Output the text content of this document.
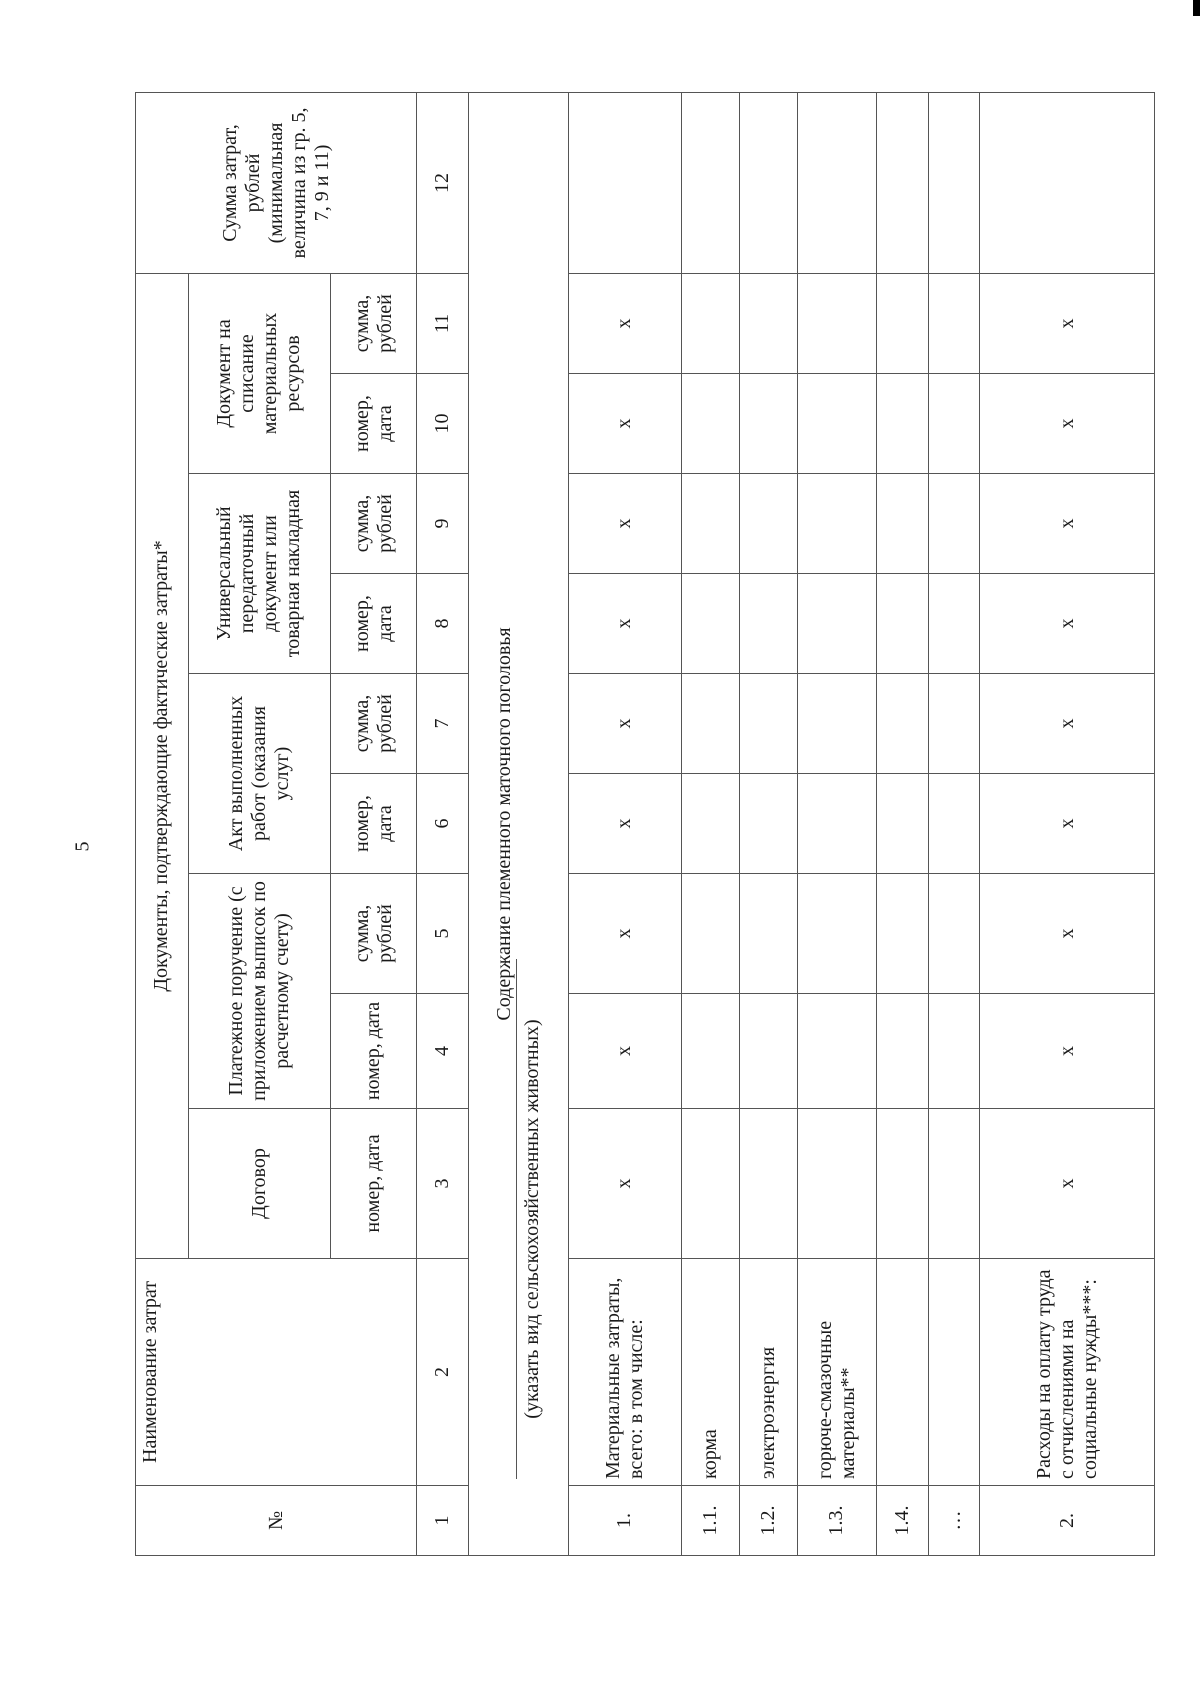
5
№	Наименование затрат	Документы, подтверждающие фактические затраты*									Сумма затрат, рублей (минимальная величина из гр. 5, 7, 9 и 11)
		Договор	Платежное поручение (с приложением выписок по расчетному счету)		Акт выполненных работ (оказания услуг)		Универсальный передаточный документ или товарная накладная		Документ на списание материальных ресурсов		
		номер, дата	номер, дата	сумма, рублей	номер, дата	сумма, рублей	номер, дата	сумма, рублей	номер, дата	сумма, рублей	
1	2	3	4	5	6	7	8	9	10	11	12

Содержание племенного маточного поголовья
(указать вид сельскохозяйственных животных)											

1.	Материальные затраты, всего: в том числе:	x	x	x	x	x	x	x	x	x	
1.1.	корма										
1.2.	электроэнергия										
1.3.	горюче-смазочные материалы**										
1.4.											
…											
2.	Расходы на оплату труда с отчислениями на социальные нужды***:	x	x	x	x	x	x	x	x	x	
